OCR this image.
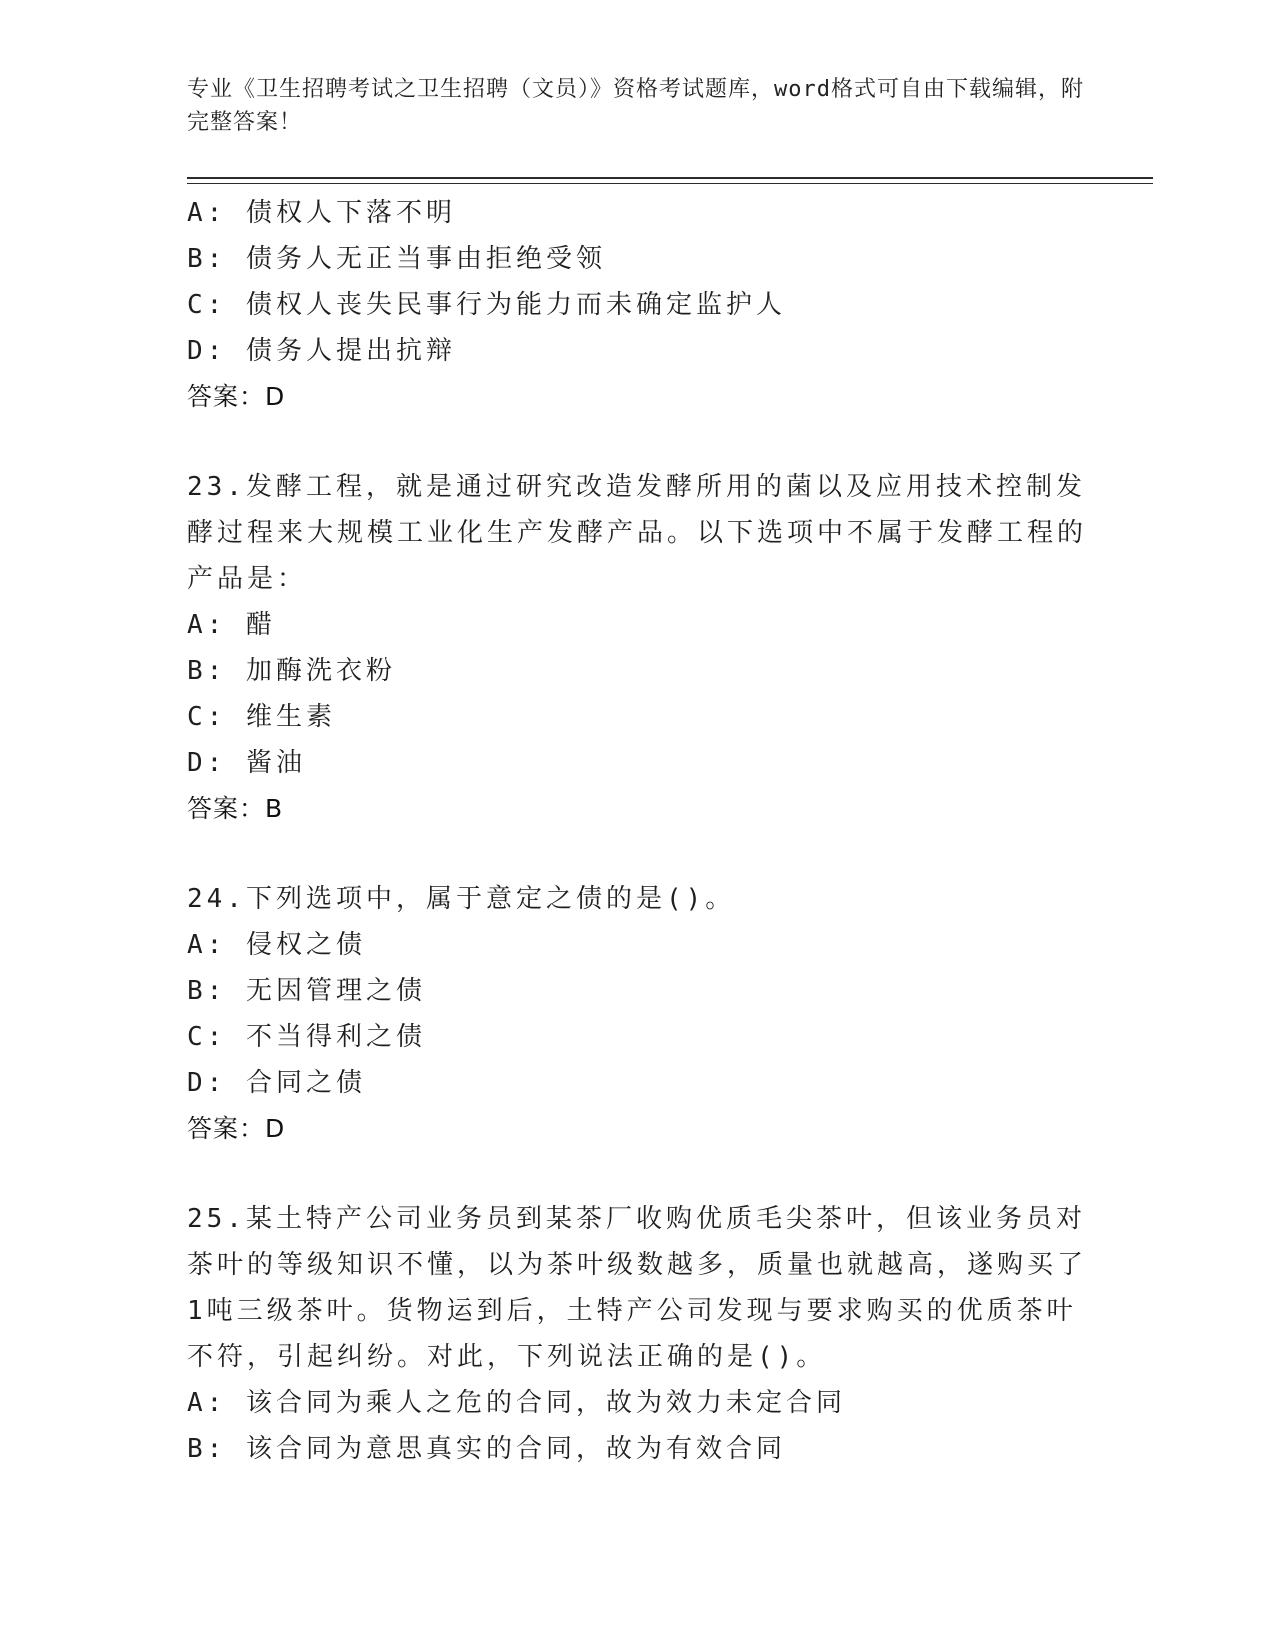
专业《卫生招聘考试之卫生招聘（文员）》资格考试题库，word格式可自由下载编辑，附完整答案！
A: 债权人下落不明
B: 债务人无正当事由拒绝受领
C: 债权人丧失民事行为能力而未确定监护人
D: 债务人提出抗辩
答案：D
23.发酵工程，就是通过研究改造发酵所用的菌以及应用技术控制发酵过程来大规模工业化生产发酵产品。以下选项中不属于发酵工程的产品是：
A: 醋
B: 加酶洗衣粉
C: 维生素
D: 酱油
答案：B
24.下列选项中，属于意定之债的是()。
A: 侵权之债
B: 无因管理之债
C: 不当得利之债
D: 合同之债
答案：D
25.某土特产公司业务员到某茶厂收购优质毛尖茶叶，但该业务员对茶叶的等级知识不懂，以为茶叶级数越多，质量也就越高，遂购买了1吨三级茶叶。货物运到后，土特产公司发现与要求购买的优质茶叶不符，引起纠纷。对此，下列说法正确的是()。
A: 该合同为乘人之危的合同，故为效力未定合同
B: 该合同为意思真实的合同，故为有效合同
